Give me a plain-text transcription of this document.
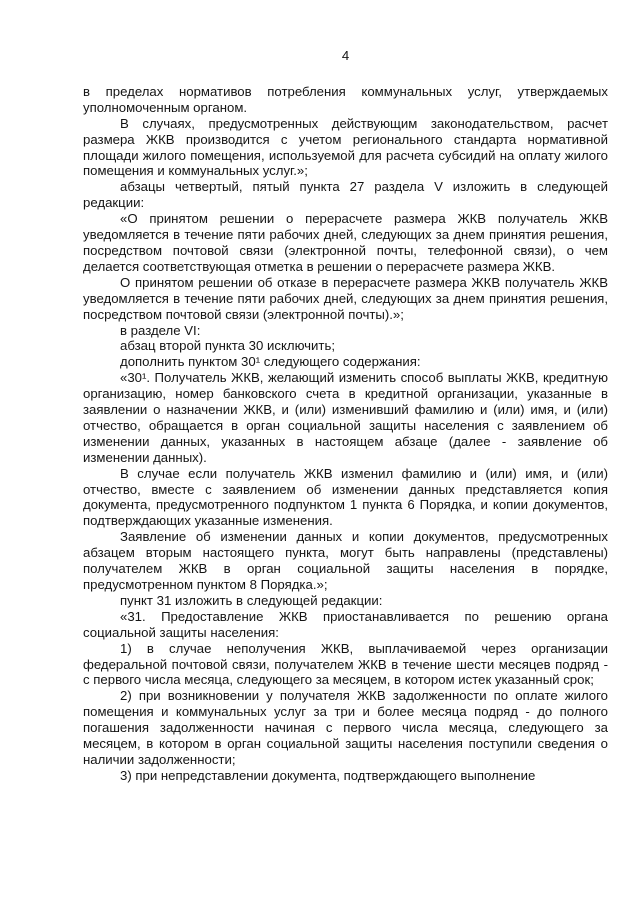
4

в пределах нормативов потребления коммунальных услуг, утверждаемых уполномоченным органом.

В случаях, предусмотренных действующим законодательством, расчет размера ЖКВ производится с учетом регионального стандарта нормативной площади жилого помещения, используемой для расчета субсидий на оплату жилого помещения и коммунальных услуг.»;

абзацы четвертый, пятый пункта 27 раздела V изложить в следующей редакции:

«О принятом решении о перерасчете размера ЖКВ получатель ЖКВ уведомляется в течение пяти рабочих дней, следующих за днем принятия решения, посредством почтовой связи (электронной почты, телефонной связи), о чем делается соответствующая отметка в решении о перерасчете размера ЖКВ.

О принятом решении об отказе в перерасчете размера ЖКВ получатель ЖКВ уведомляется в течение пяти рабочих дней, следующих за днем принятия решения, посредством почтовой связи (электронной почты).»;

в разделе VI:

абзац второй пункта 30 исключить;

дополнить пунктом 30¹ следующего содержания:

«30¹. Получатель ЖКВ, желающий изменить способ выплаты ЖКВ, кредитную организацию, номер банковского счета в кредитной организации, указанные в заявлении о назначении ЖКВ, и (или) изменивший фамилию и (или) имя, и (или) отчество, обращается в орган социальной защиты населения с заявлением об изменении данных, указанных в настоящем абзаце (далее - заявление об изменении данных).

В случае если получатель ЖКВ изменил фамилию и (или) имя, и (или) отчество, вместе с заявлением об изменении данных представляется копия документа, предусмотренного подпунктом 1 пункта 6 Порядка, и копии документов, подтверждающих указанные изменения.

Заявление об изменении данных и копии документов, предусмотренных абзацем вторым настоящего пункта, могут быть направлены (представлены) получателем ЖКВ в орган социальной защиты населения в порядке, предусмотренном пунктом 8 Порядка.»;

пункт 31 изложить в следующей редакции:

«31. Предоставление ЖКВ приостанавливается по решению органа социальной защиты населения:

1) в случае неполучения ЖКВ, выплачиваемой через организации федеральной почтовой связи, получателем ЖКВ в течение шести месяцев подряд - с первого числа месяца, следующего за месяцем, в котором истек указанный срок;

2) при возникновении у получателя ЖКВ задолженности по оплате жилого помещения и коммунальных услуг за три и более месяца подряд - до полного погашения задолженности начиная с первого числа месяца, следующего за месяцем, в котором в орган социальной защиты населения поступили сведения о наличии задолженности;

3) при непредставлении документа, подтверждающего выполнение
